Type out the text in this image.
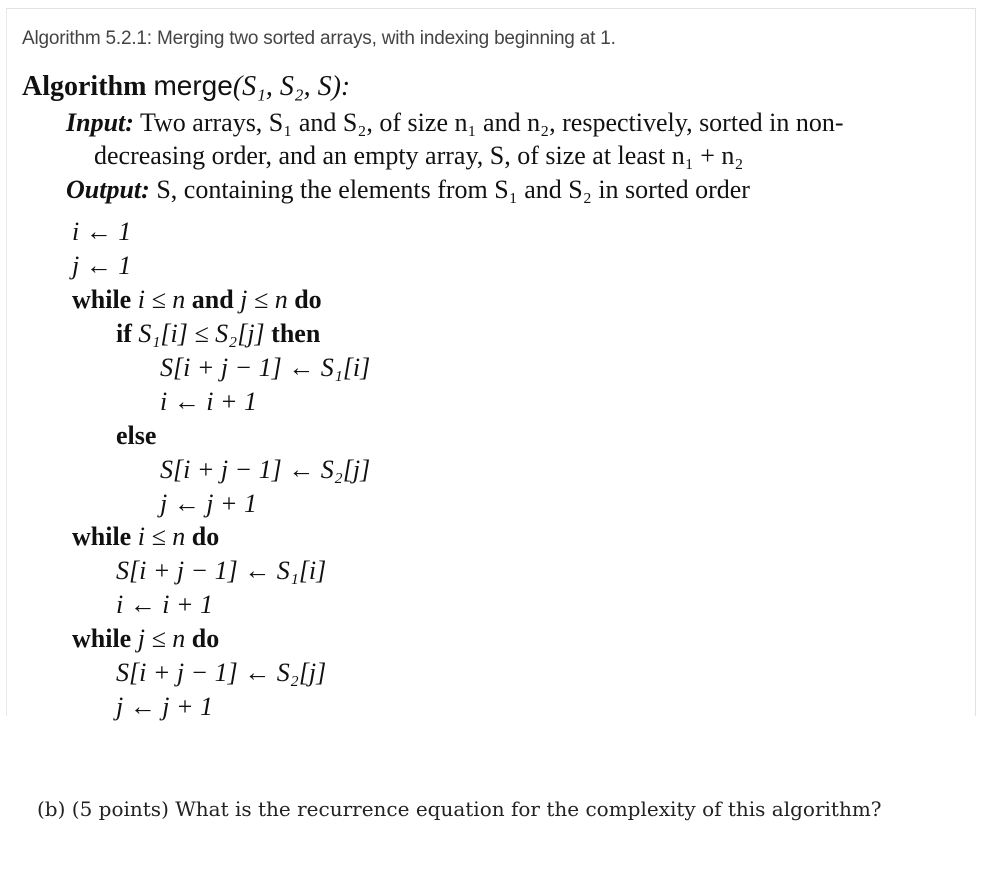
Algorithm 5.2.1: Merging two sorted arrays, with indexing beginning at 1.
Algorithm merge(S₁, S₂, S):
Input: Two arrays, S₁ and S₂, of size n₁ and n₂, respectively, sorted in non-
decreasing order, and an empty array, S, of size at least n₁ + n₂
Output: S, containing the elements from S₁ and S₂ in sorted order
i ← 1
j ← 1
while i ≤ n and j ≤ n do
if S₁[i] ≤ S₂[j] then
S[i + j − 1] ← S₁[i]
i ← i + 1
else
S[i + j − 1] ← S₂[j]
j ← j + 1
while i ≤ n do
S[i + j − 1] ← S₁[i]
i ← i + 1
while j ≤ n do
S[i + j − 1] ← S₂[j]
j ← j + 1
(b) (5 points) What is the recurrence equation for the complexity of this algorithm?
